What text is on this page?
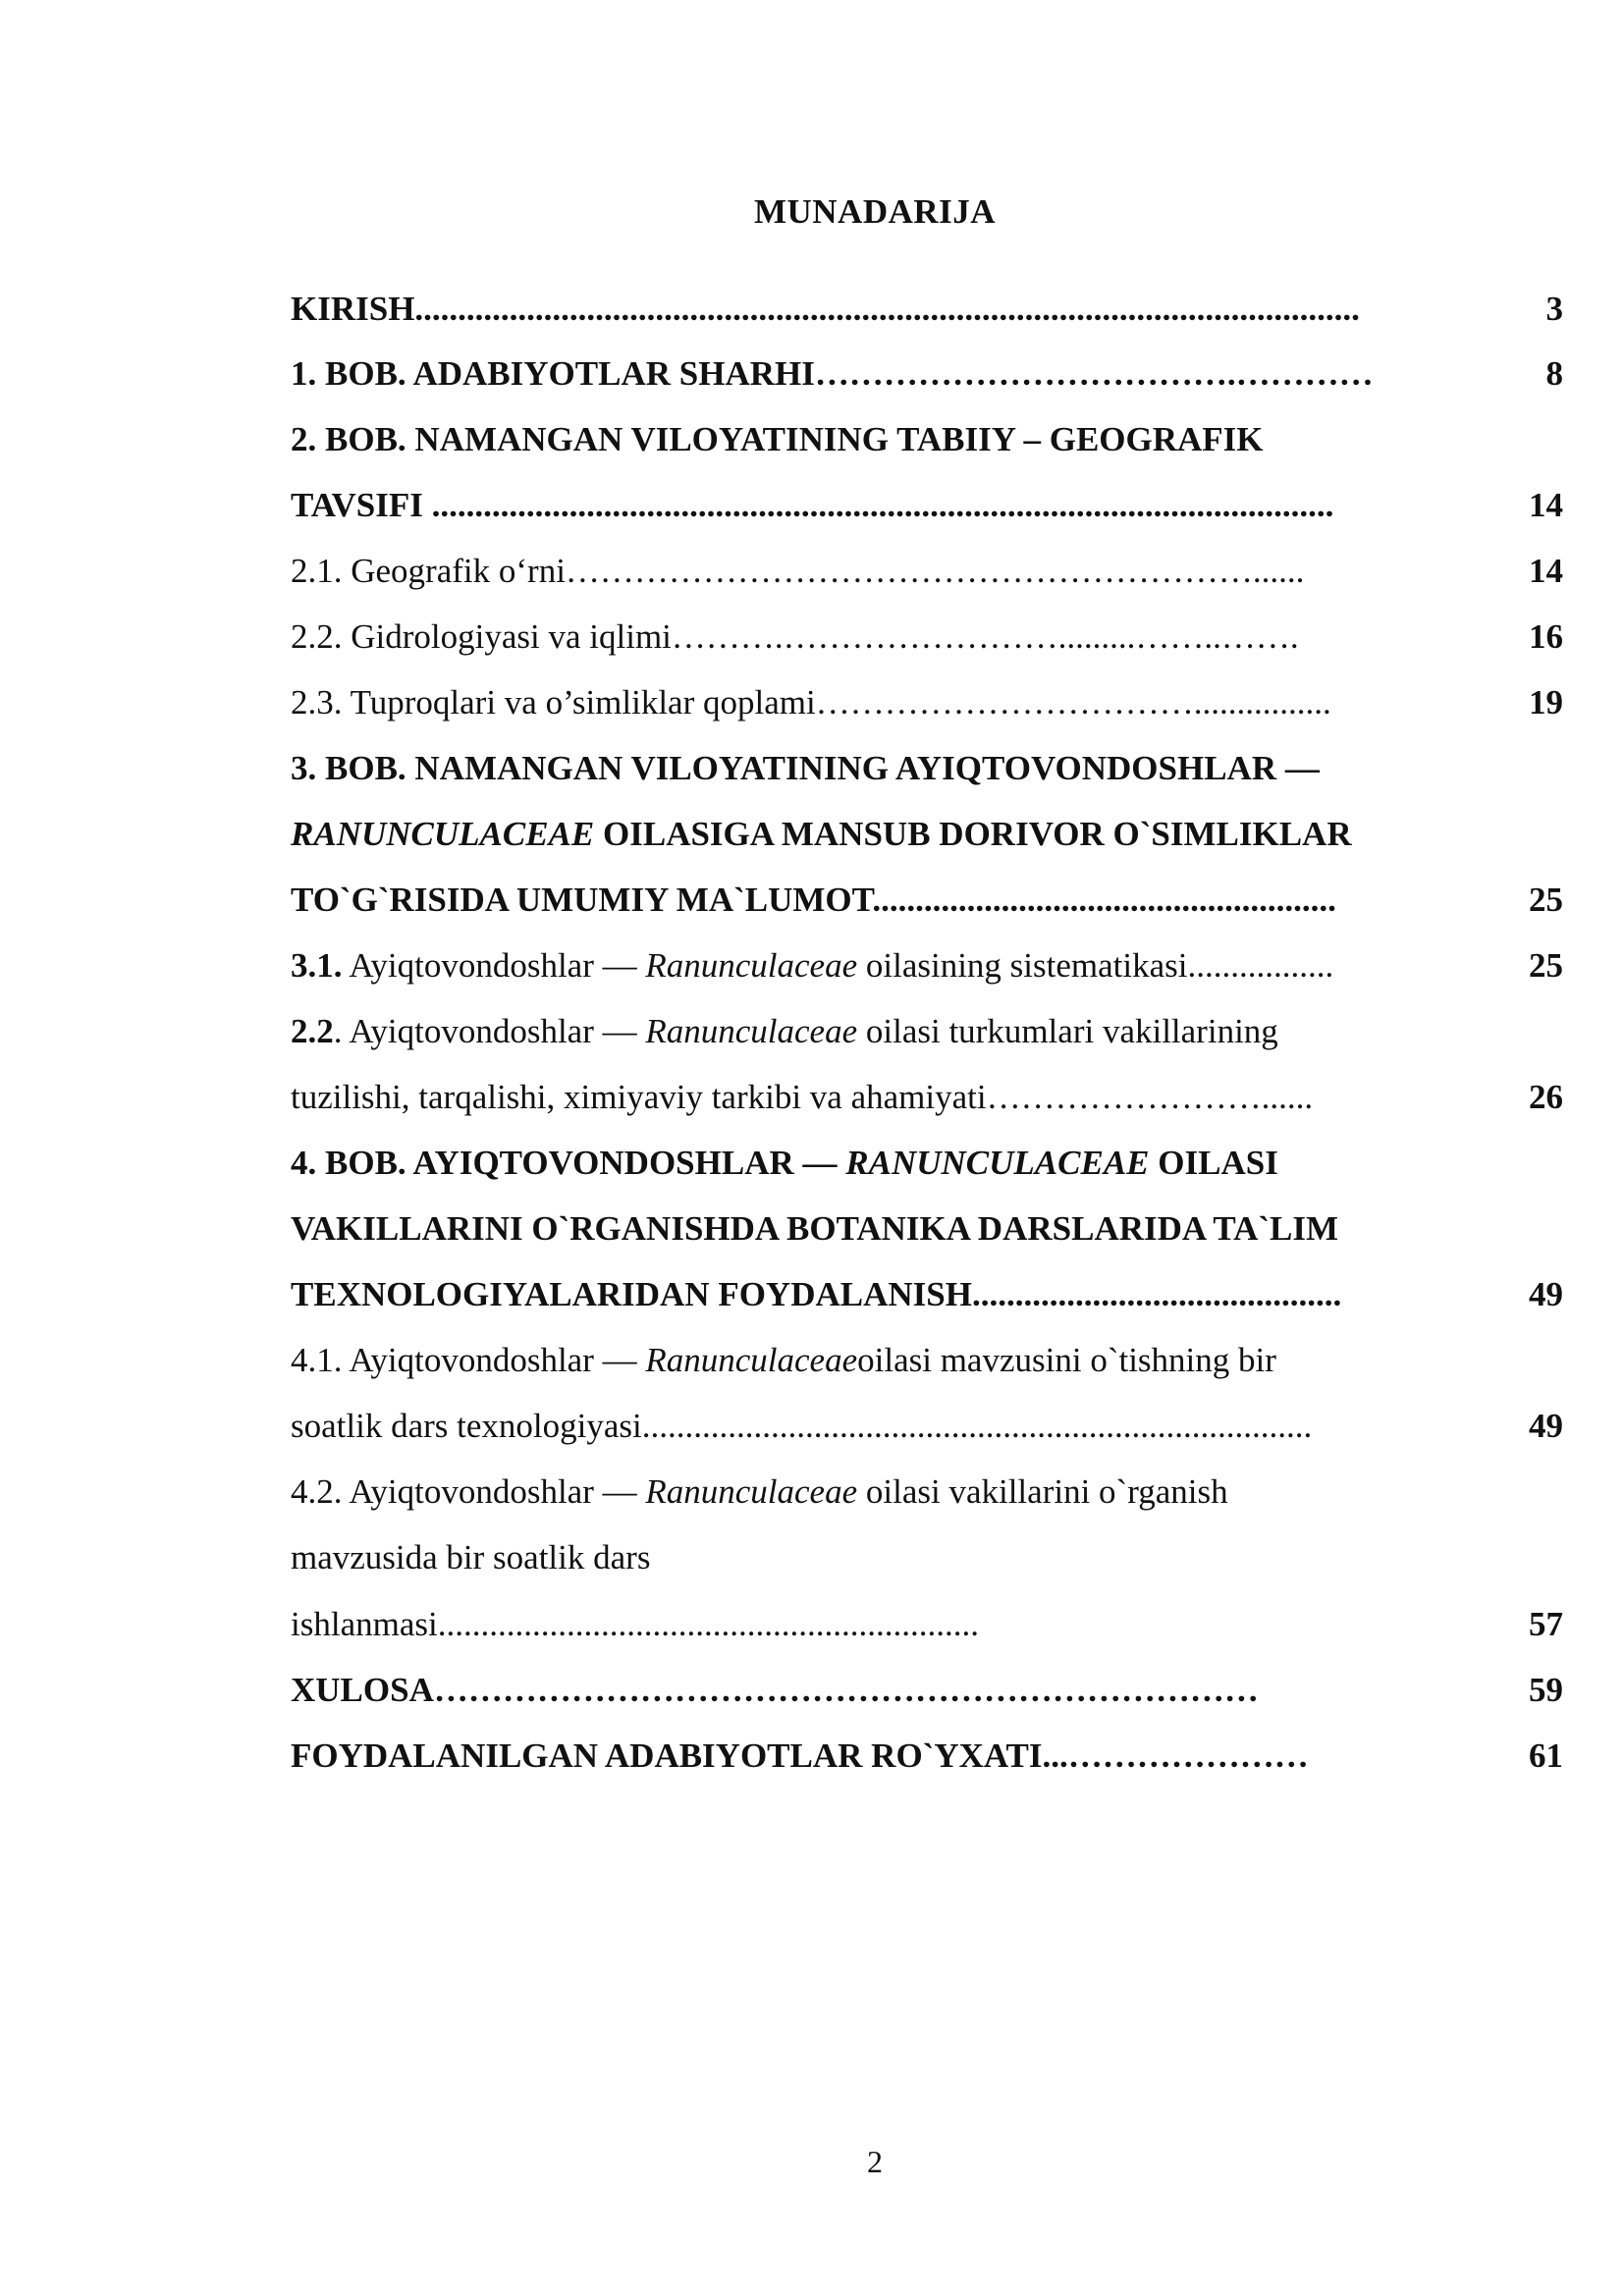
MUNADARIJA
KIRISH..............................................................................................................	3
1. BOB. ADABIYOTLAR SHARHI……………………………….…………	8
2. BOB. NAMANGAN VILOYATINING TABIIY – GEOGRAFIK
TAVSIFI .........................................................................................................	14
2.1. Geografik o‘rni……………………………………………………......	14
2.2. Gidrologiyasi va iqlimi……….…………………….........……..…….	16
2.3. Tuproqlari va o’simliklar qoplami……………………………................	19
3. BOB. NAMANGAN VILOYATINING AYIQTOVONDOSHLAR —
RANUNCULACEAE OILASIGA MANSUB DORIVOR O`SIMLIKLAR
TO`G`RISIDA UMUMIY MA`LUMOT......................................................	25
3.1. Ayiqtovondoshlar — Ranunculaceae oilasining sistematikasi.................	25
2.2. Ayiqtovondoshlar — Ranunculaceae oilasi turkumlari vakillarining
tuzilishi, tarqalishi, ximiyaviy tarkibi va ahamiyati……………………......	26
4. BOB. AYIQTOVONDOSHLAR — RANUNCULACEAE OILASI
VAKILLARINI O`RGANISHDA BOTANIKA DARSLARIDA TA`LIM
TEXNOLOGIYALARIDAN FOYDALANISH...........................................	49
4.1. Ayiqtovondoshlar — Ranunculaceaeoilasi mavzusini o`tishning bir
soatlik dars texnologiyasi..............................................................................	49
4.2. Ayiqtovondoshlar — Ranunculaceae oilasi vakillarini o`rganish
mavzusida bir soatlik dars
ishlanmasi...............................................................	57
XULOSA………………………………………………………………	59
FOYDALANILGAN ADABIYOTLAR RO`YXATI...…………………	61
2
